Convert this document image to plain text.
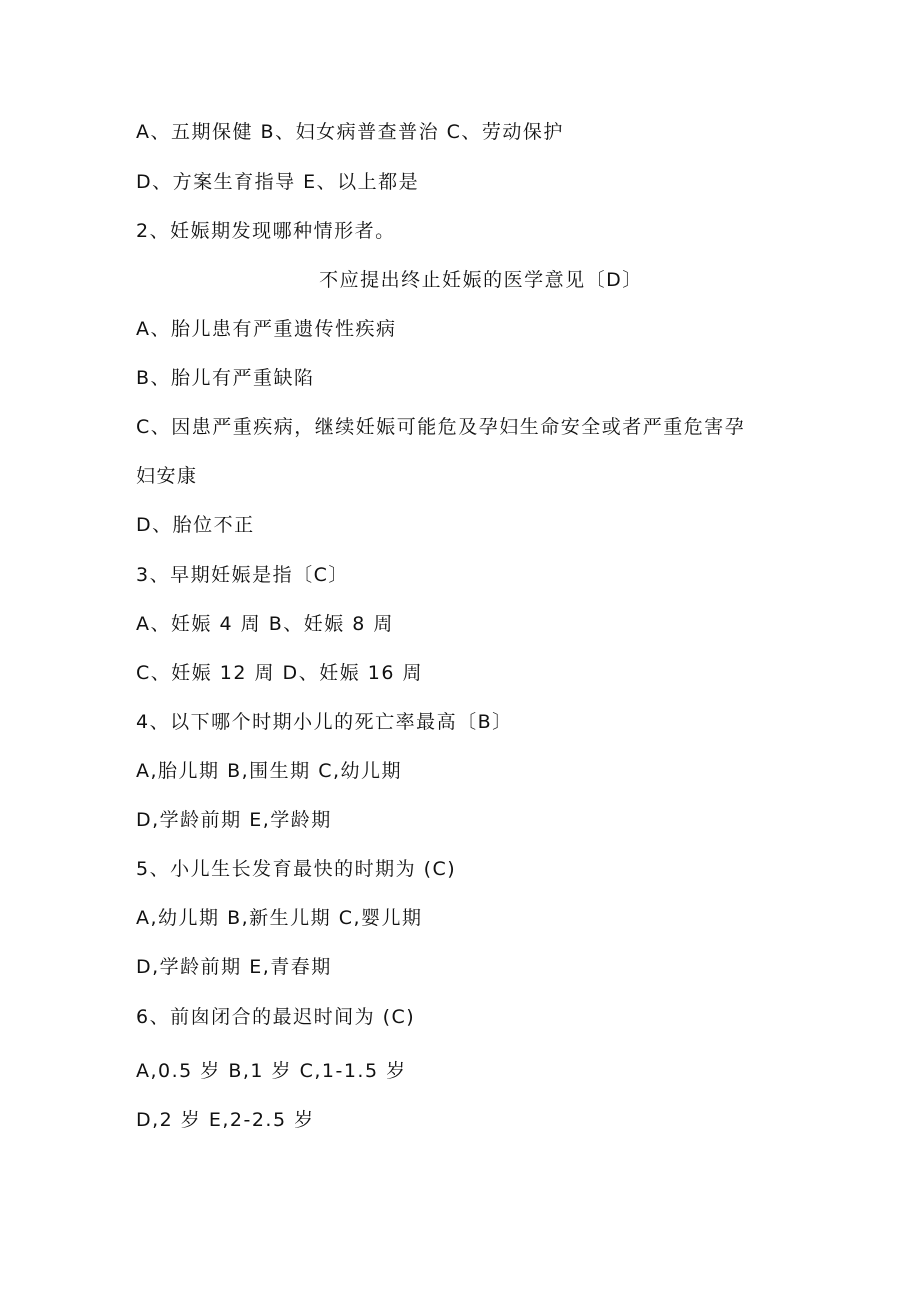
A、五期保健 B、妇女病普查普治 C、劳动保护
D、方案生育指导 E、以上都是
2、妊娠期发现哪种情形者。
不应提出终止妊娠的医学意见〔D〕
A、胎儿患有严重遗传性疾病
B、胎儿有严重缺陷
C、因患严重疾病，继续妊娠可能危及孕妇生命安全或者严重危害孕
妇安康
D、胎位不正
3、早期妊娠是指〔C〕
A、妊娠 4 周 B、妊娠 8 周
C、妊娠 12 周 D、妊娠 16 周
4、以下哪个时期小儿的死亡率最高〔B〕
A,胎儿期 B,围生期 C,幼儿期
D,学龄前期 E,学龄期
5、小儿生长发育最快的时期为 (C)
A,幼儿期 B,新生儿期 C,婴儿期
D,学龄前期 E,青春期
6、前囱闭合的最迟时间为 (C)
A,0.5 岁 B,1 岁 C,1-1.5 岁
D,2 岁 E,2-2.5 岁
